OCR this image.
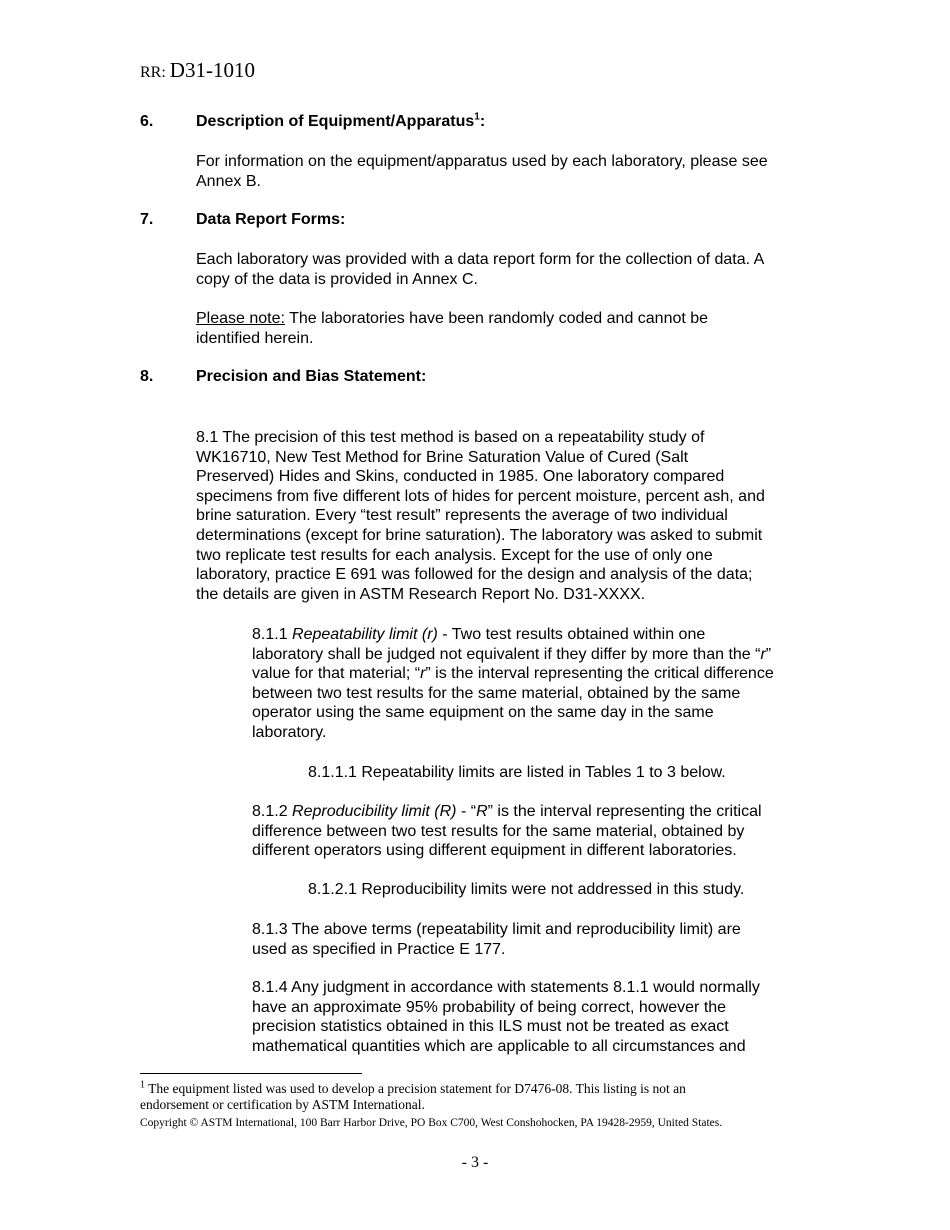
RR: D31-1010
6.	Description of Equipment/Apparatus$^1$:
For information on the equipment/apparatus used by each laboratory, please see
Annex B.
7.	Data Report Forms:
Each laboratory was provided with a data report form for the collection of data. A
copy of the data is provided in Annex C.
Please note: The laboratories have been randomly coded and cannot be
identified herein.
8.	Precision and Bias Statement:
8.1 The precision of this test method is based on a repeatability study of
WK16710, New Test Method for Brine Saturation Value of Cured (Salt
Preserved) Hides and Skins, conducted in 1985. One laboratory compared
specimens from five different lots of hides for percent moisture, percent ash, and
brine saturation. Every “test result” represents the average of two individual
determinations (except for brine saturation). The laboratory was asked to submit
two replicate test results for each analysis. Except for the use of only one
laboratory, practice E 691 was followed for the design and analysis of the data;
the details are given in ASTM Research Report No. D31-XXXX.
8.1.1 Repeatability limit (r) - Two test results obtained within one
laboratory shall be judged not equivalent if they differ by more than the “r”
value for that material; “r” is the interval representing the critical difference
between two test results for the same material, obtained by the same
operator using the same equipment on the same day in the same
laboratory.
8.1.1.1 Repeatability limits are listed in Tables 1 to 3 below.
8.1.2 Reproducibility limit (R) - “R” is the interval representing the critical
difference between two test results for the same material, obtained by
different operators using different equipment in different laboratories.
8.1.2.1 Reproducibility limits were not addressed in this study.
8.1.3 The above terms (repeatability limit and reproducibility limit) are
used as specified in Practice E 177.
8.1.4 Any judgment in accordance with statements 8.1.1 would normally
have an approximate 95% probability of being correct, however the
precision statistics obtained in this ILS must not be treated as exact
mathematical quantities which are applicable to all circumstances and
$^1$ The equipment listed was used to develop a precision statement for D7476-08. This listing is not an
endorsement or certification by ASTM International.
Copyright © ASTM International, 100 Barr Harbor Drive, PO Box C700, West Conshohocken, PA 19428-2959, United States.
- 3 -
